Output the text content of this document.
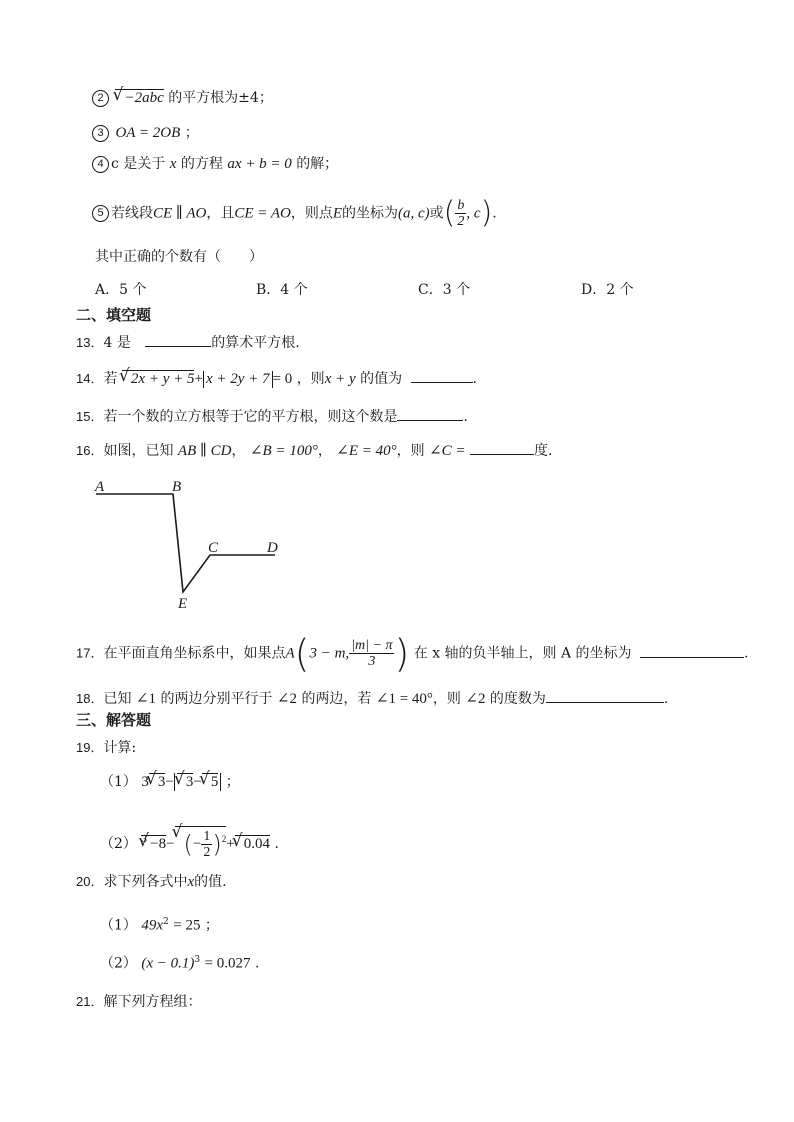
2 √ −2abc 的平方根为±4；
3 OA = 2OB ；
4 c 是关于 x 的方程 ax + b = 0 的解；
5 若线段CE ∥ AO，且CE = AO，则点E的坐标为(a, c)或( $\frac{b}{2}$ , c).
其中正确的个数有（　　）
A．5 个	B．4 个	C．3 个	D．2 个
二、填空题
13．4 是	的算术平方根.
14．若 √ 2x + y + 5+ x + 2y + 7 = 0 ，则x + y 的值为	.
15．若一个数的立方根等于它的平方根，则这个数是	.
16．如图，已知 AB ∥ CD， ∠B = 100°， ∠E = 40°，则 ∠C =	度.
A	B
C	D
E
17．在平面直角坐标系中，如果点A(3 − m, $\frac{|m| - \pi}{3}$ ) 在 x 轴的负半轴上，则 A 的坐标为	.
18．已知 ∠1 的两边分别平行于 ∠2 的两边，若 ∠1 = 40°，则 ∠2 的度数为	.
三、解答题
19．计算:
（1） 3 √ 3− √ 3− √ 5 ；
（2） $^3$ √ −8− √ (− $\frac{1}{2} )^2+$ √ 0.04 .
20．求下列各式中x的值.
（1） $49x^2 = 25$ ；
（2） $(x - 0.1)^3 = 0.027$ .
21．解下列方程组：
